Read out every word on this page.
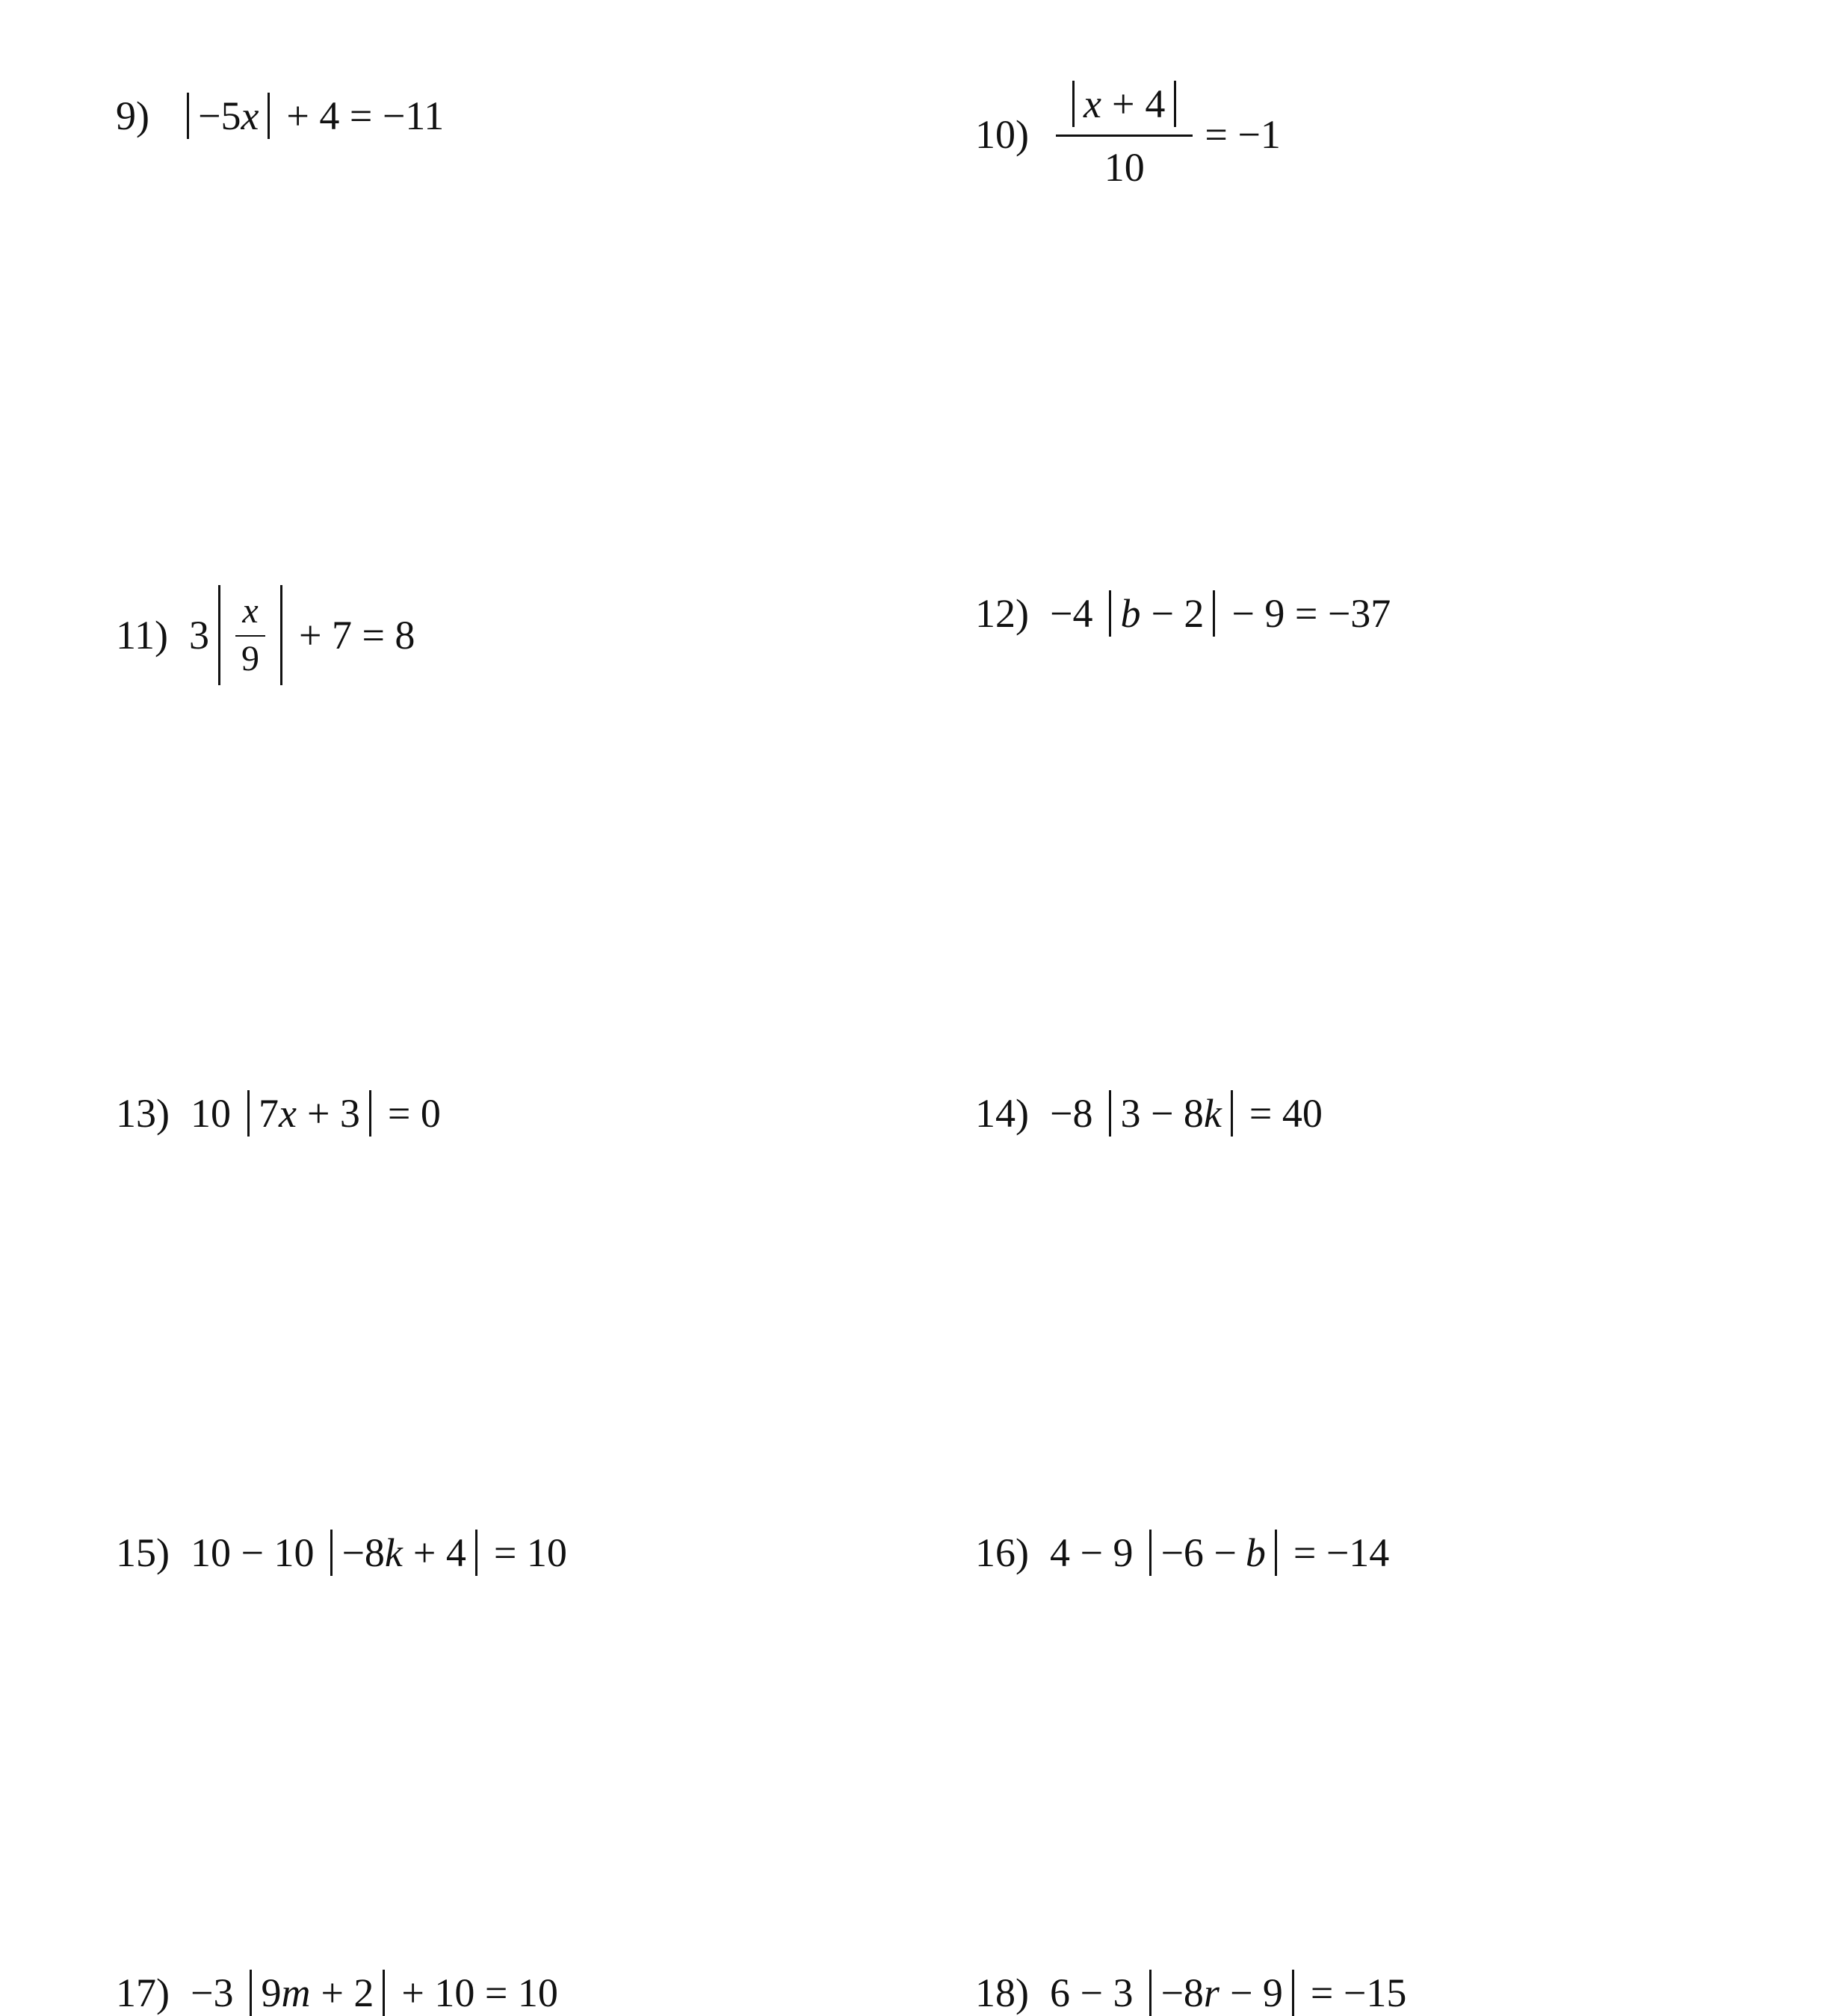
9) −5 x + 4 = −11	$10) \frac{x + 4}{10} = -1$
11) $3 \frac{x}{9} + 7 = 8$	12) −4 b − 2 − 9 = −37
13) 10 7 x + 3 = 0	14) −8 3 − 8 k = 40
15) 10 − 10 −8 k + 4 = 10	16) 4 − 9 −6 − b = −14
17) −3 9 m + 2 + 10 = 10	18) 6 − 3 −8 r − 9 = −15
